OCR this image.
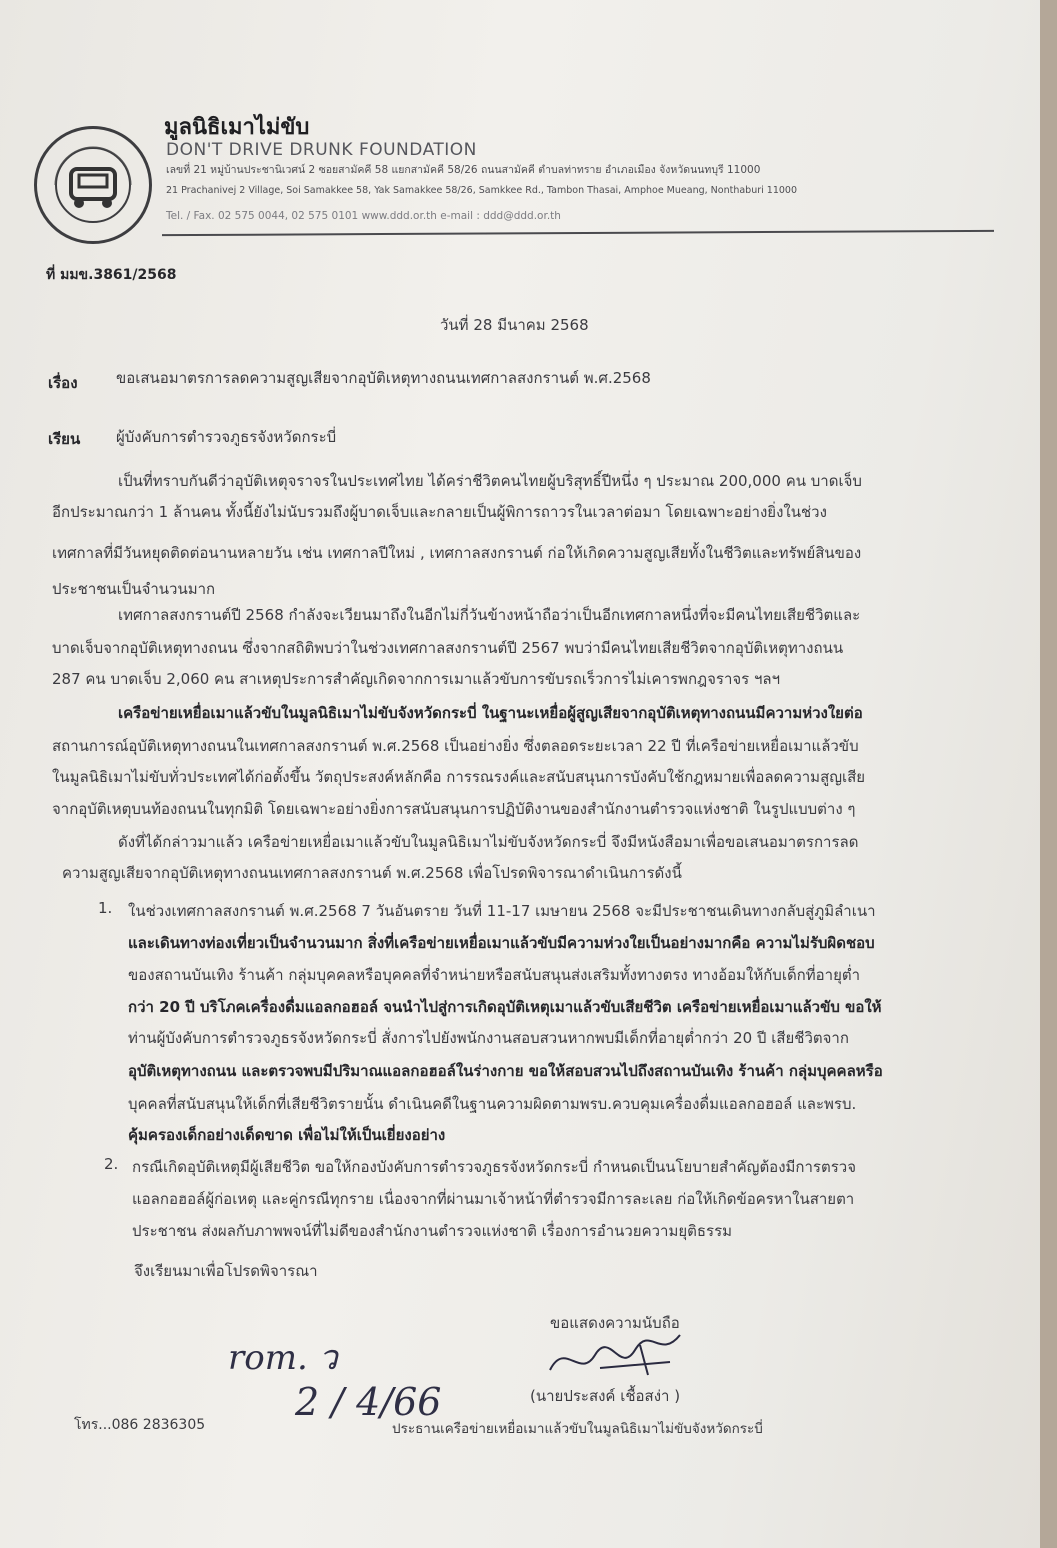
มูลนิธิเมาไม่ขับ
DON'T DRIVE DRUNK FOUNDATION
เลขที่ 21 หมู่บ้านประชานิเวศน์ 2 ซอยสามัคคี 58 แยกสามัคคี 58/26 ถนนสามัคคี ตำบลท่าทราย อำเภอเมือง จังหวัดนนทบุรี 11000
21 Prachanivej 2 Village, Soi Samakkee 58, Yak Samakkee 58/26, Samkkee Rd., Tambon Thasai, Amphoe Mueang, Nonthaburi 11000
Tel. / Fax. 02 575 0044, 02 575 0101 www.ddd.or.th e-mail : ddd@ddd.or.th
ที่ มมข.3861/2568
วันที่ 28 มีนาคม 2568
เรื่อง	ขอเสนอมาตรการลดความสูญเสียจากอุบัติเหตุทางถนนเทศกาลสงกรานต์ พ.ศ.2568
เรียน ผู้บังคับการตำรวจภูธรจังหวัดกระบี่
เป็นที่ทราบกันดีว่าอุบัติเหตุจราจรในประเทศไทย ได้คร่าชีวิตคนไทยผู้บริสุทธิ์ปีหนึ่ง ๆ ประมาณ 200,000 คน บาดเจ็บ
อีกประมาณกว่า 1 ล้านคน ทั้งนี้ยังไม่นับรวมถึงผู้บาดเจ็บและกลายเป็นผู้พิการถาวรในเวลาต่อมา โดยเฉพาะอย่างยิ่งในช่วง
เทศกาลที่มีวันหยุดติดต่อนานหลายวัน เช่น เทศกาลปีใหม่ , เทศกาลสงกรานต์ ก่อให้เกิดความสูญเสียทั้งในชีวิตและทรัพย์สินของ
ประชาชนเป็นจำนวนมาก
เทศกาลสงกรานต์ปี 2568 กำลังจะเวียนมาถึงในอีกไม่กี่วันข้างหน้าถือว่าเป็นอีกเทศกาลหนึ่งที่จะมีคนไทยเสียชีวิตและ
บาดเจ็บจากอุบัติเหตุทางถนน ซึ่งจากสถิติพบว่าในช่วงเทศกาลสงกรานต์ปี 2567 พบว่ามีคนไทยเสียชีวิตจากอุบัติเหตุทางถนน
287 คน บาดเจ็บ 2,060 คน สาเหตุประการสำคัญเกิดจากการเมาแล้วขับการขับรถเร็วการไม่เคารพกฎจราจร ฯลฯ
เครือข่ายเหยื่อเมาแล้วขับในมูลนิธิเมาไม่ขับจังหวัดกระบี่ ในฐานะเหยื่อผู้สูญเสียจากอุบัติเหตุทางถนนมีความห่วงใยต่อ
สถานการณ์อุบัติเหตุทางถนนในเทศกาลสงกรานต์ พ.ศ.2568 เป็นอย่างยิ่ง ซึ่งตลอดระยะเวลา 22 ปี ที่เครือข่ายเหยื่อเมาแล้วขับ
ในมูลนิธิเมาไม่ขับทั่วประเทศได้ก่อตั้งขึ้น วัตถุประสงค์หลักคือ การรณรงค์และสนับสนุนการบังคับใช้กฎหมายเพื่อลดความสูญเสีย
จากอุบัติเหตุบนท้องถนนในทุกมิติ โดยเฉพาะอย่างยิ่งการสนับสนุนการปฏิบัติงานของสำนักงานตำรวจแห่งชาติ ในรูปแบบต่าง ๆ
ดังที่ได้กล่าวมาแล้ว เครือข่ายเหยื่อเมาแล้วขับในมูลนิธิเมาไม่ขับจังหวัดกระบี่ จึงมีหนังสือมาเพื่อขอเสนอมาตรการลด
ความสูญเสียจากอุบัติเหตุทางถนนเทศกาลสงกรานต์ พ.ศ.2568 เพื่อโปรดพิจารณาดำเนินการดังนี้
1. ในช่วงเทศกาลสงกรานต์ พ.ศ.2568 7 วันอันตราย วันที่ 11-17 เมษายน 2568 จะมีประชาชนเดินทางกลับสู่ภูมิลำเนา
และเดินทางท่องเที่ยวเป็นจำนวนมาก สิ่งที่เครือข่ายเหยื่อเมาแล้วขับมีความห่วงใยเป็นอย่างมากคือ ความไม่รับผิดชอบ
ของสถานบันเทิง ร้านค้า กลุ่มบุคคลหรือบุคคลที่จำหน่ายหรือสนับสนุนส่งเสริมทั้งทางตรง ทางอ้อมให้กับเด็กที่อายุต่ำ
กว่า 20 ปี บริโภคเครื่องดื่มแอลกอฮอล์ จนนำไปสู่การเกิดอุบัติเหตุเมาแล้วขับเสียชีวิต เครือข่ายเหยื่อเมาแล้วขับ ขอให้
ท่านผู้บังคับการตำรวจภูธรจังหวัดกระบี่ สั่งการไปยังพนักงานสอบสวนหากพบมีเด็กที่อายุต่ำกว่า 20 ปี เสียชีวิตจาก
อุบัติเหตุทางถนน และตรวจพบมีปริมาณแอลกอฮอล์ในร่างกาย ขอให้สอบสวนไปถึงสถานบันเทิง ร้านค้า กลุ่มบุคคลหรือ
บุคคลที่สนับสนุนให้เด็กที่เสียชีวิตรายนั้น ดำเนินคดีในฐานความผิดตามพรบ.ควบคุมเครื่องดื่มแอลกอฮอล์ และพรบ.
คุ้มครองเด็กอย่างเด็ดขาด เพื่อไม่ให้เป็นเยี่ยงอย่าง
2. กรณีเกิดอุบัติเหตุมีผู้เสียชีวิต ขอให้กองบังคับการตำรวจภูธรจังหวัดกระบี่ กำหนดเป็นนโยบายสำคัญต้องมีการตรวจ
แอลกอฮอล์ผู้ก่อเหตุ และคู่กรณีทุกราย เนื่องจากที่ผ่านมาเจ้าหน้าที่ตำรวจมีการละเลย ก่อให้เกิดข้อครหาในสายตา
ประชาชน ส่งผลกับภาพพจน์ที่ไม่ดีของสำนักงานตำรวจแห่งชาติ เรื่องการอำนวยความยุติธรรม
จึงเรียนมาเพื่อโปรดพิจารณา
ขอแสดงความนับถือ
(นายประสงค์ เชื้อสง่า )
ประธานเครือข่ายเหยื่อเมาแล้วขับในมูลนิธิเมาไม่ขับจังหวัดกระบี่
โทร...086 2836305
rom. ว
2 / 4/66
